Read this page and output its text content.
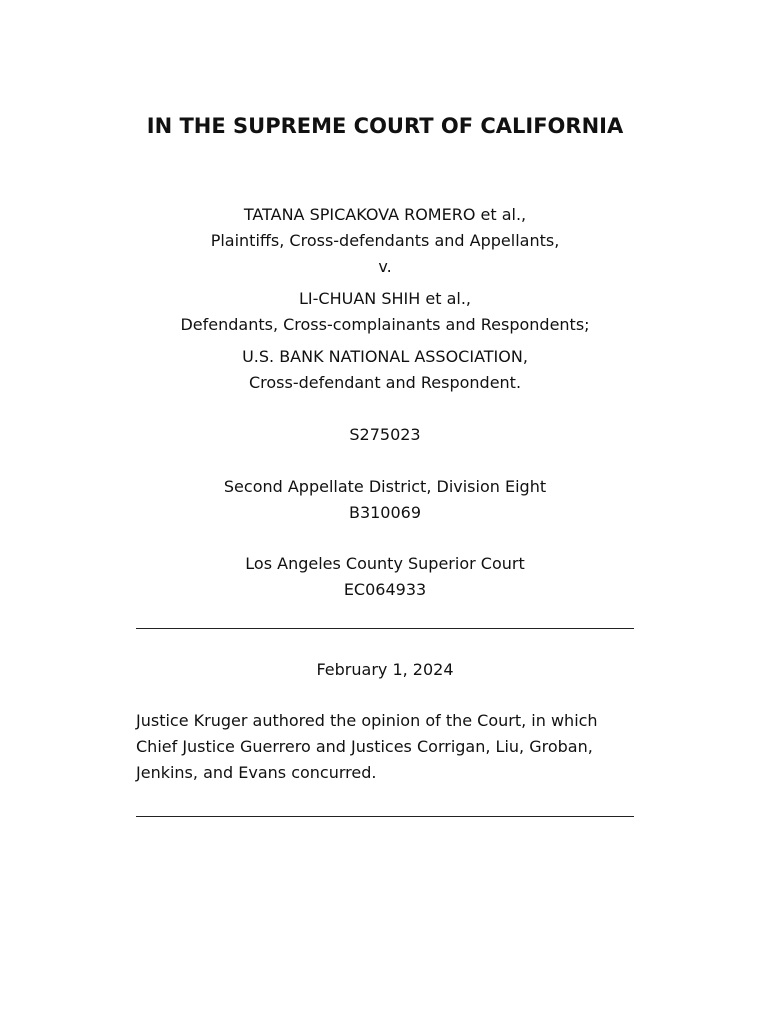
IN THE SUPREME COURT OF CALIFORNIA
TATANA SPICAKOVA ROMERO et al.,
Plaintiffs, Cross-defendants and Appellants,
v.
LI-CHUAN SHIH et al.,
Defendants, Cross-complainants and Respondents;
U.S. BANK NATIONAL ASSOCIATION,
Cross-defendant and Respondent.
S275023
Second Appellate District, Division Eight
B310069
Los Angeles County Superior Court
EC064933
February 1, 2024
Justice Kruger authored the opinion of the Court, in which Chief Justice Guerrero and Justices Corrigan, Liu, Groban, Jenkins, and Evans concurred.
